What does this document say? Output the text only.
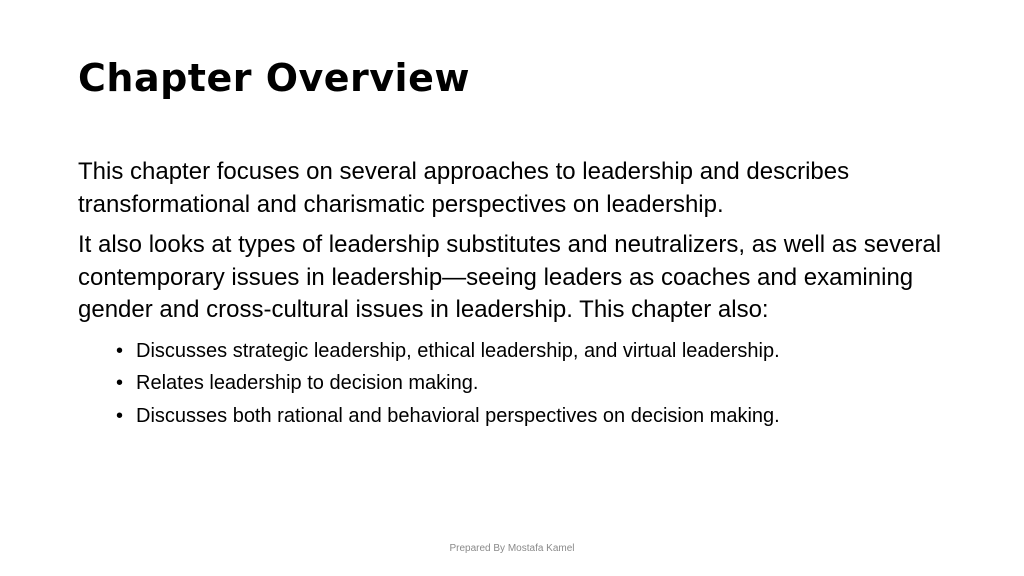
Chapter Overview

This chapter focuses on several approaches to leadership and describes transformational and charismatic perspectives on leadership.

It also looks at types of leadership substitutes and neutralizers, as well as several contemporary issues in leadership—seeing leaders as coaches and examining gender and cross-cultural issues in leadership. This chapter also:

• Discusses strategic leadership, ethical leadership, and virtual leadership.
• Relates leadership to decision making.
• Discusses both rational and behavioral perspectives on decision making.
Prepared By Mostafa Kamel
